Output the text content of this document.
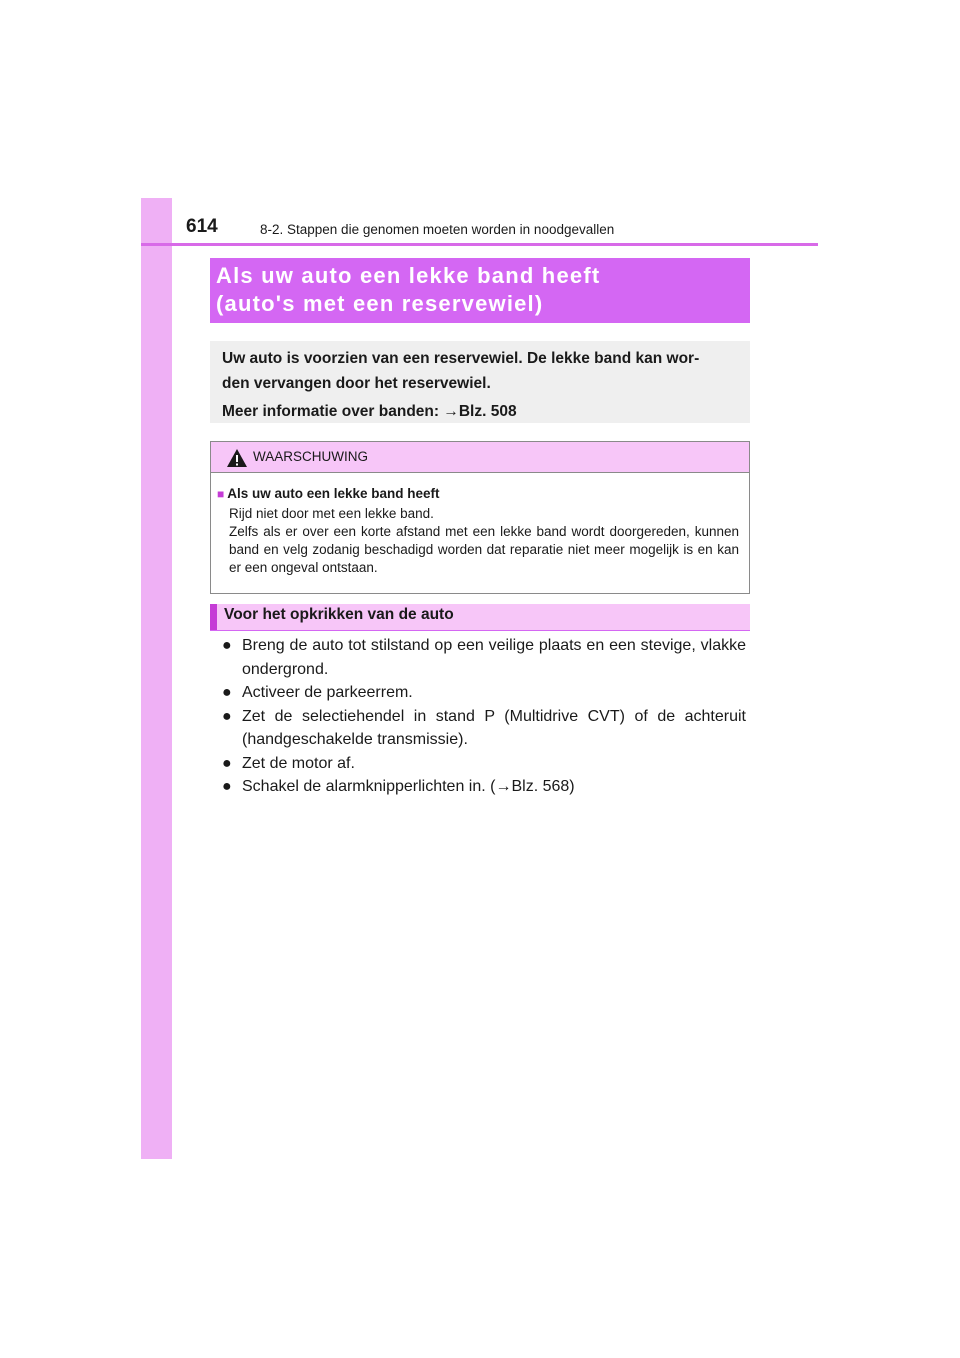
614	8-2. Stappen die genomen moeten worden in noodgevallen
Als uw auto een lekke band heeft
(auto's met een reservewiel)

Uw auto is voorzien van een reservewiel. De lekke band kan wor-
den vervangen door het reservewiel.

Meer informatie over banden: →Blz. 508

WAARSCHUWING
■ Als uw auto een lekke band heeft
Rijd niet door met een lekke band.
Zelfs als er over een korte afstand met een lekke band wordt doorgereden, kunnen band en velg zodanig beschadigd worden dat reparatie niet meer mogelijk is en kan er een ongeval ontstaan.
Voor het opkrikken van de auto
● Breng de auto tot stilstand op een veilige plaats en een stevige, vlakke ondergrond.
● Activeer de parkeerrem.
● Zet de selectiehendel in stand P (Multidrive CVT) of de achteruit (handgeschakelde transmissie).
● Zet de motor af.
● Schakel de alarmknipperlichten in. (→Blz. 568)
